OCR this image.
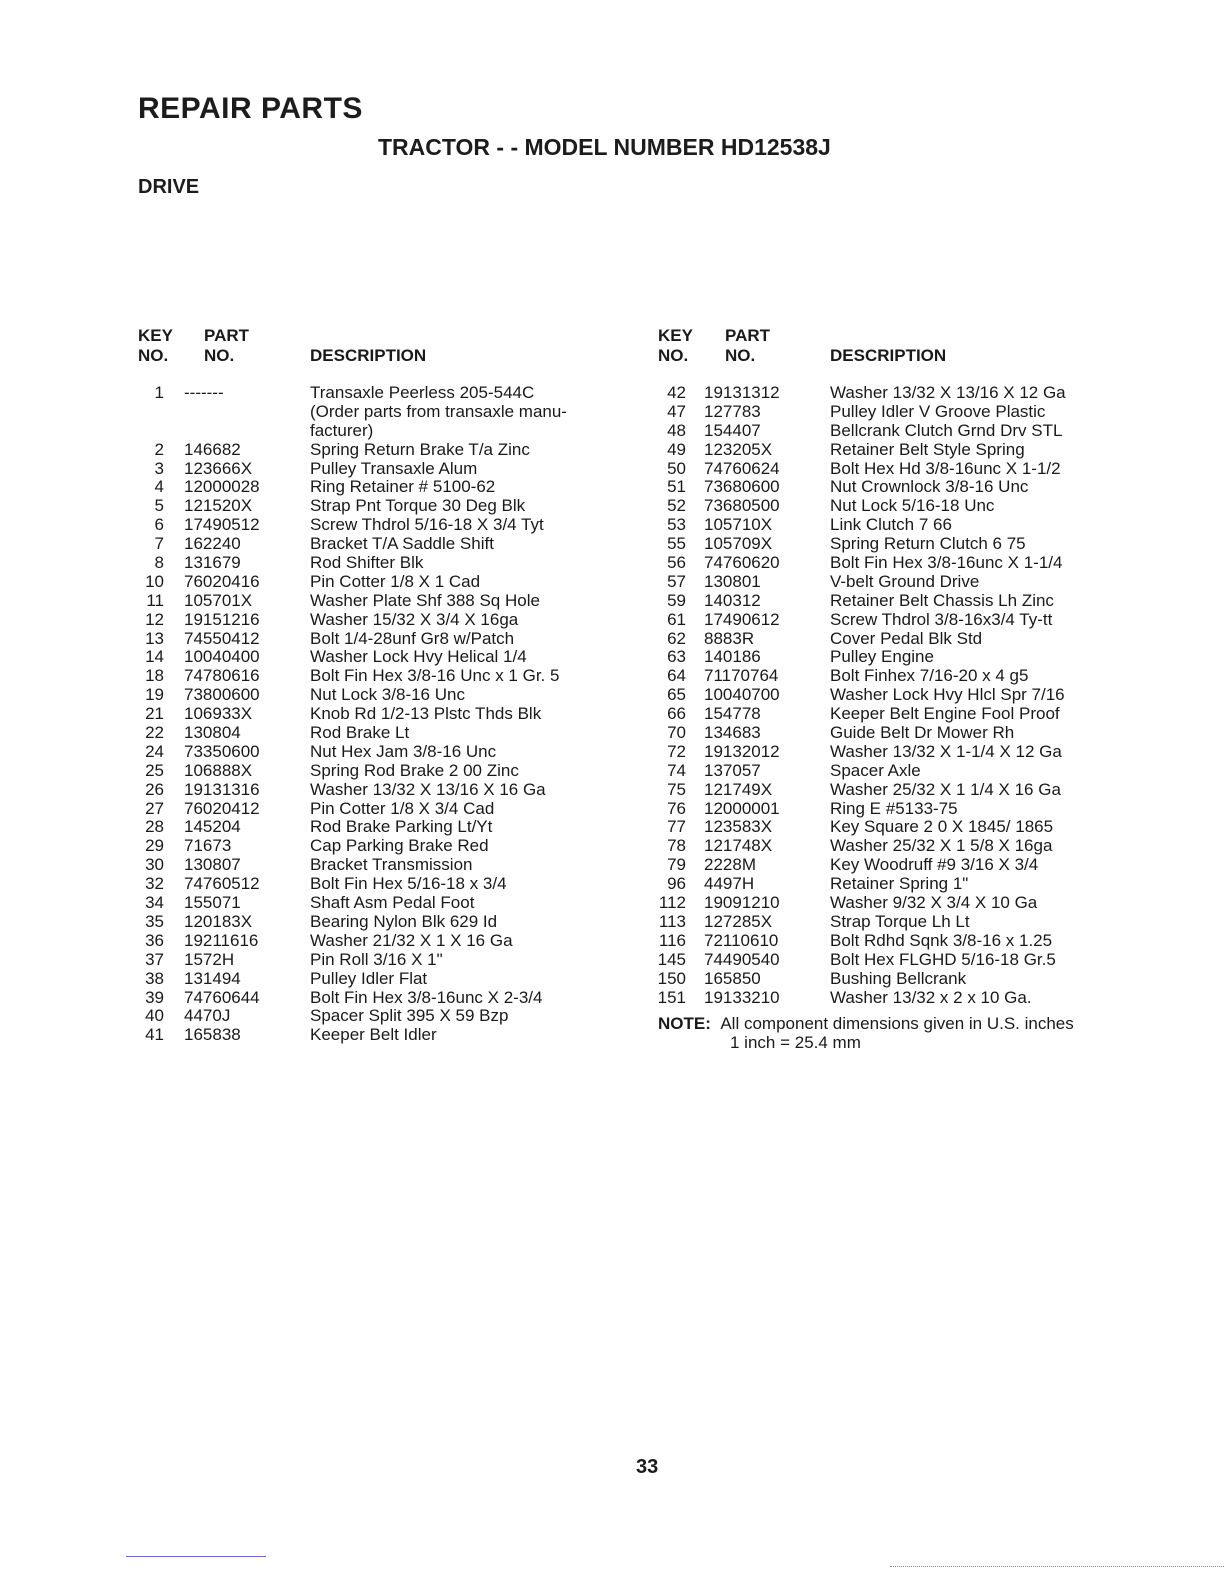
REPAIR PARTS
TRACTOR - - MODEL NUMBER HD12538J
DRIVE
KEY
NO.
PART
NO.	DESCRIPTION
1 -------	Transaxle Peerless 205-544C
(Order parts from transaxle manu-
facturer)
2 146682	Spring Return Brake T/a Zinc
3 123666X	Pulley Transaxle Alum
4 12000028	Ring Retainer # 5100-62
5 121520X	Strap Pnt Torque 30 Deg Blk
6 17490512	Screw Thdrol 5/16-18 X 3/4 Tyt
7 162240	Bracket T/A Saddle Shift
8 131679	Rod Shifter Blk
10 76020416	Pin Cotter 1/8 X 1 Cad
11 105701X	Washer Plate Shf 388 Sq Hole
12 19151216	Washer 15/32 X 3/4 X 16ga
13 74550412	Bolt 1/4-28unf Gr8 w/Patch
14 10040400	Washer Lock Hvy Helical 1/4
18 74780616	Bolt Fin Hex 3/8-16 Unc x 1 Gr. 5
19 73800600	Nut Lock 3/8-16 Unc
21 106933X	Knob Rd 1/2-13 Plstc Thds Blk
22 130804	Rod Brake Lt
24 73350600	Nut Hex Jam 3/8-16 Unc
25 106888X	Spring Rod Brake 2 00 Zinc
26 19131316	Washer 13/32 X 13/16 X 16 Ga
27 76020412	Pin Cotter 1/8 X 3/4 Cad
28 145204	Rod Brake Parking Lt/Yt
29 71673	Cap Parking Brake Red
30 130807	Bracket Transmission
32 74760512	Bolt Fin Hex 5/16-18 x 3/4
34 155071	Shaft Asm Pedal Foot
35 120183X	Bearing Nylon Blk 629 Id
36 19211616	Washer 21/32 X 1 X 16 Ga
37 1572H	Pin Roll 3/16 X 1"
38 131494	Pulley Idler Flat
39 74760644	Bolt Fin Hex 3/8-16unc X 2-3/4
40 4470J	Spacer Split 395 X 59 Bzp
41 165838	Keeper Belt Idler
KEY
NO.
PART
NO.	DESCRIPTION
42 19131312	Washer 13/32 X 13/16 X 12 Ga
47 127783	Pulley Idler V Groove Plastic
48 154407	Bellcrank Clutch Grnd Drv STL
49 123205X	Retainer Belt Style Spring
50 74760624	Bolt Hex Hd 3/8-16unc X 1-1/2
51 73680600	Nut Crownlock 3/8-16 Unc
52 73680500	Nut Lock 5/16-18 Unc
53 105710X	Link Clutch 7 66
55 105709X	Spring Return Clutch 6 75
56 74760620	Bolt Fin Hex 3/8-16unc X 1-1/4
57 130801	V-belt Ground Drive
59 140312	Retainer Belt Chassis Lh Zinc
61 17490612	Screw Thdrol 3/8-16x3/4 Ty-tt
62 8883R	Cover Pedal Blk Std
63 140186	Pulley Engine
64 71170764	Bolt Finhex 7/16-20 x 4 g5
65 10040700	Washer Lock Hvy Hlcl Spr 7/16
66 154778	Keeper Belt Engine Fool Proof
70 134683	Guide Belt Dr Mower Rh
72 19132012	Washer 13/32 X 1-1/4 X 12 Ga
74 137057	Spacer Axle
75 121749X	Washer 25/32 X 1 1/4 X 16 Ga
76 12000001	Ring E #5133-75
77 123583X	Key Square 2 0 X 1845/ 1865
78 121748X	Washer 25/32 X 1 5/8 X 16ga
79 2228M	Key Woodruff #9 3/16 X 3/4
96 4497H	Retainer Spring 1"
112 19091210	Washer 9/32 X 3/4 X 10 Ga
113 127285X	Strap Torque Lh Lt
116 72110610	Bolt Rdhd Sqnk 3/8-16 x 1.25
145 74490540	Bolt Hex FLGHD 5/16-18 Gr.5
150 165850	Bushing Bellcrank
151 19133210	Washer 13/32 x 2 x 10 Ga.
NOTE: All component dimensions given in U.S. inches
1 inch = 25.4 mm
33
